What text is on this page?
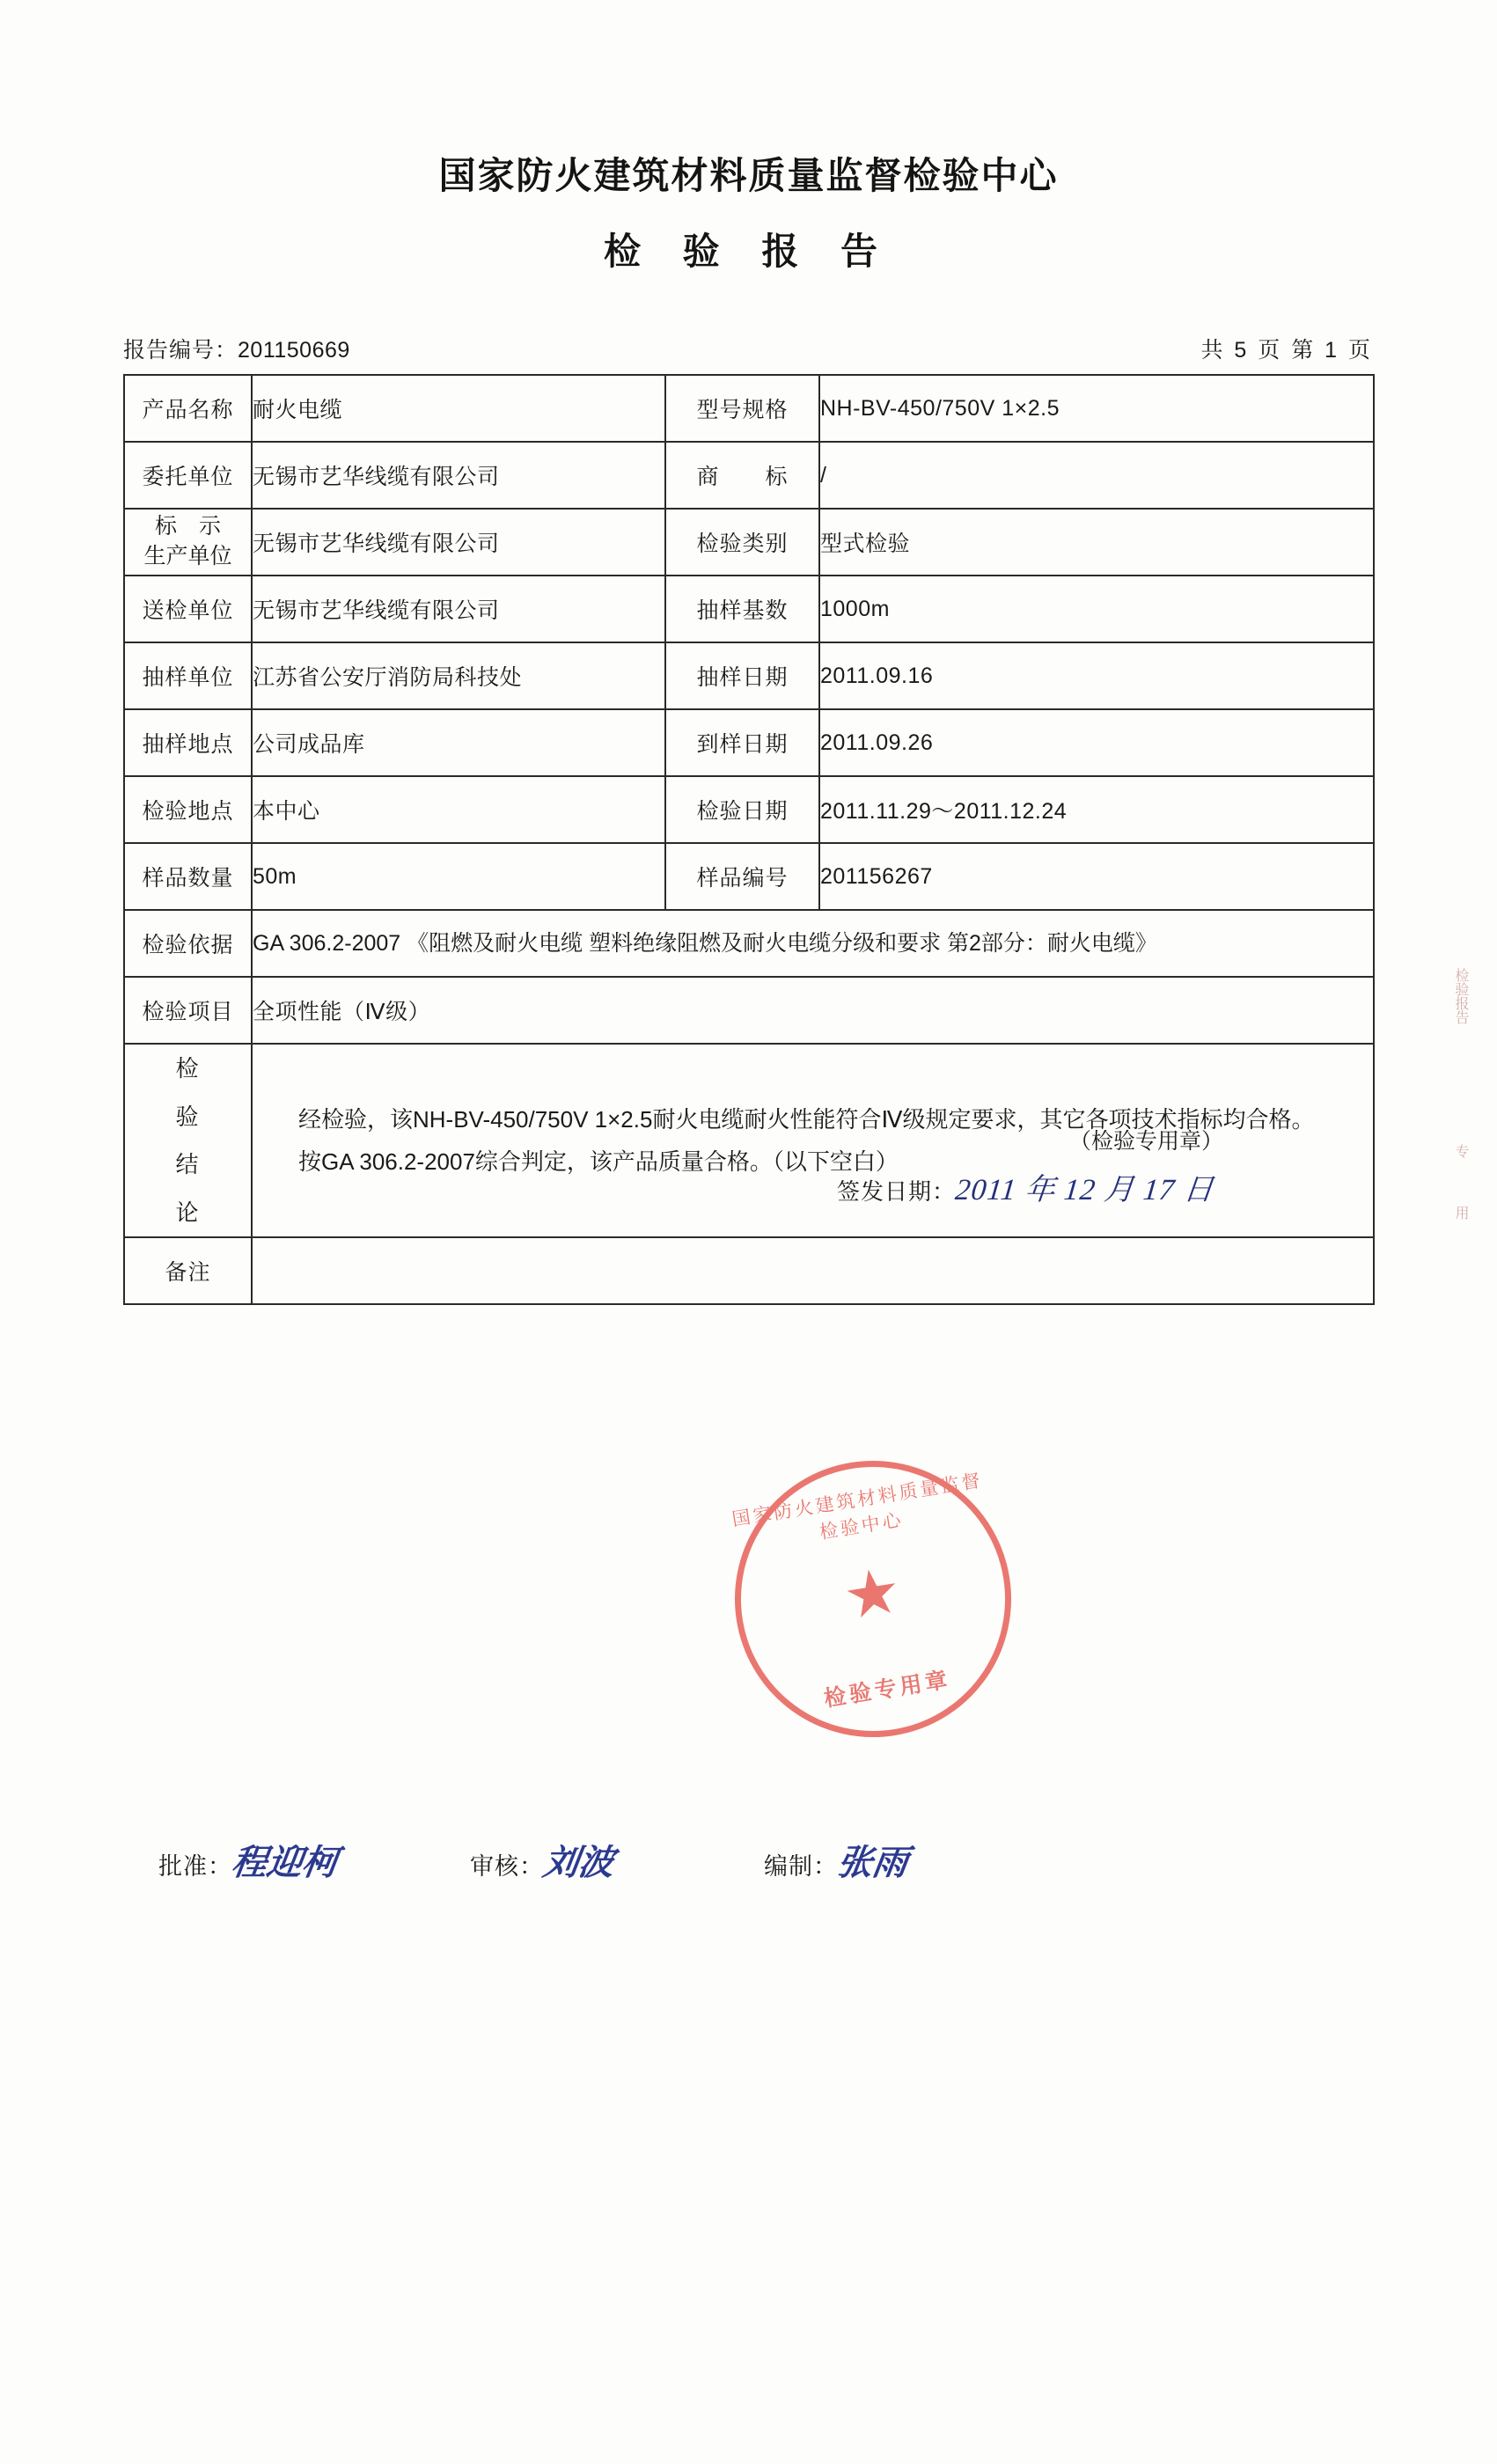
国家防火建筑材料质量监督检验中心
检 验 报 告
报告编号：201150669	共 5 页 第 1 页
产品名称	耐火电缆	型号规格	NH-BV-450/750V 1×2.5
委托单位	无锡市艺华线缆有限公司	商　　标	/

标　示
生产单位	无锡市艺华线缆有限公司	检验类别	型式检验
送检单位	无锡市艺华线缆有限公司	抽样基数	1000m
抽样单位	江苏省公安厅消防局科技处	抽样日期	2011.09.16
抽样地点	公司成品库	到样日期	2011.09.26
检验地点	本中心	检验日期	2011.11.29～2011.12.24
样品数量	50m	样品编号	201156267
检验依据	GA 306.2-2007 《阻燃及耐火电缆 塑料绝缘阻燃及耐火电缆分级和要求 第2部分：耐火电缆》		
检验项目	全项性能（Ⅳ级）		

检
验
结
论

经检验，该NH-BV-450/750V 1×2.5耐火电缆耐火性能符合Ⅳ级规定要求，其它各项技术指标均合格。
按GA 306.2-2007综合判定，该产品质量合格。（以下空白）
（检验专用章）
签发日期：2011 年 12 月 17 日

备注			
国家防火建筑材料质量监督检验中心
★
检验专用章
批准：
程迎柯	审核：
刘波	编制：
张雨
检验报告
专
用
